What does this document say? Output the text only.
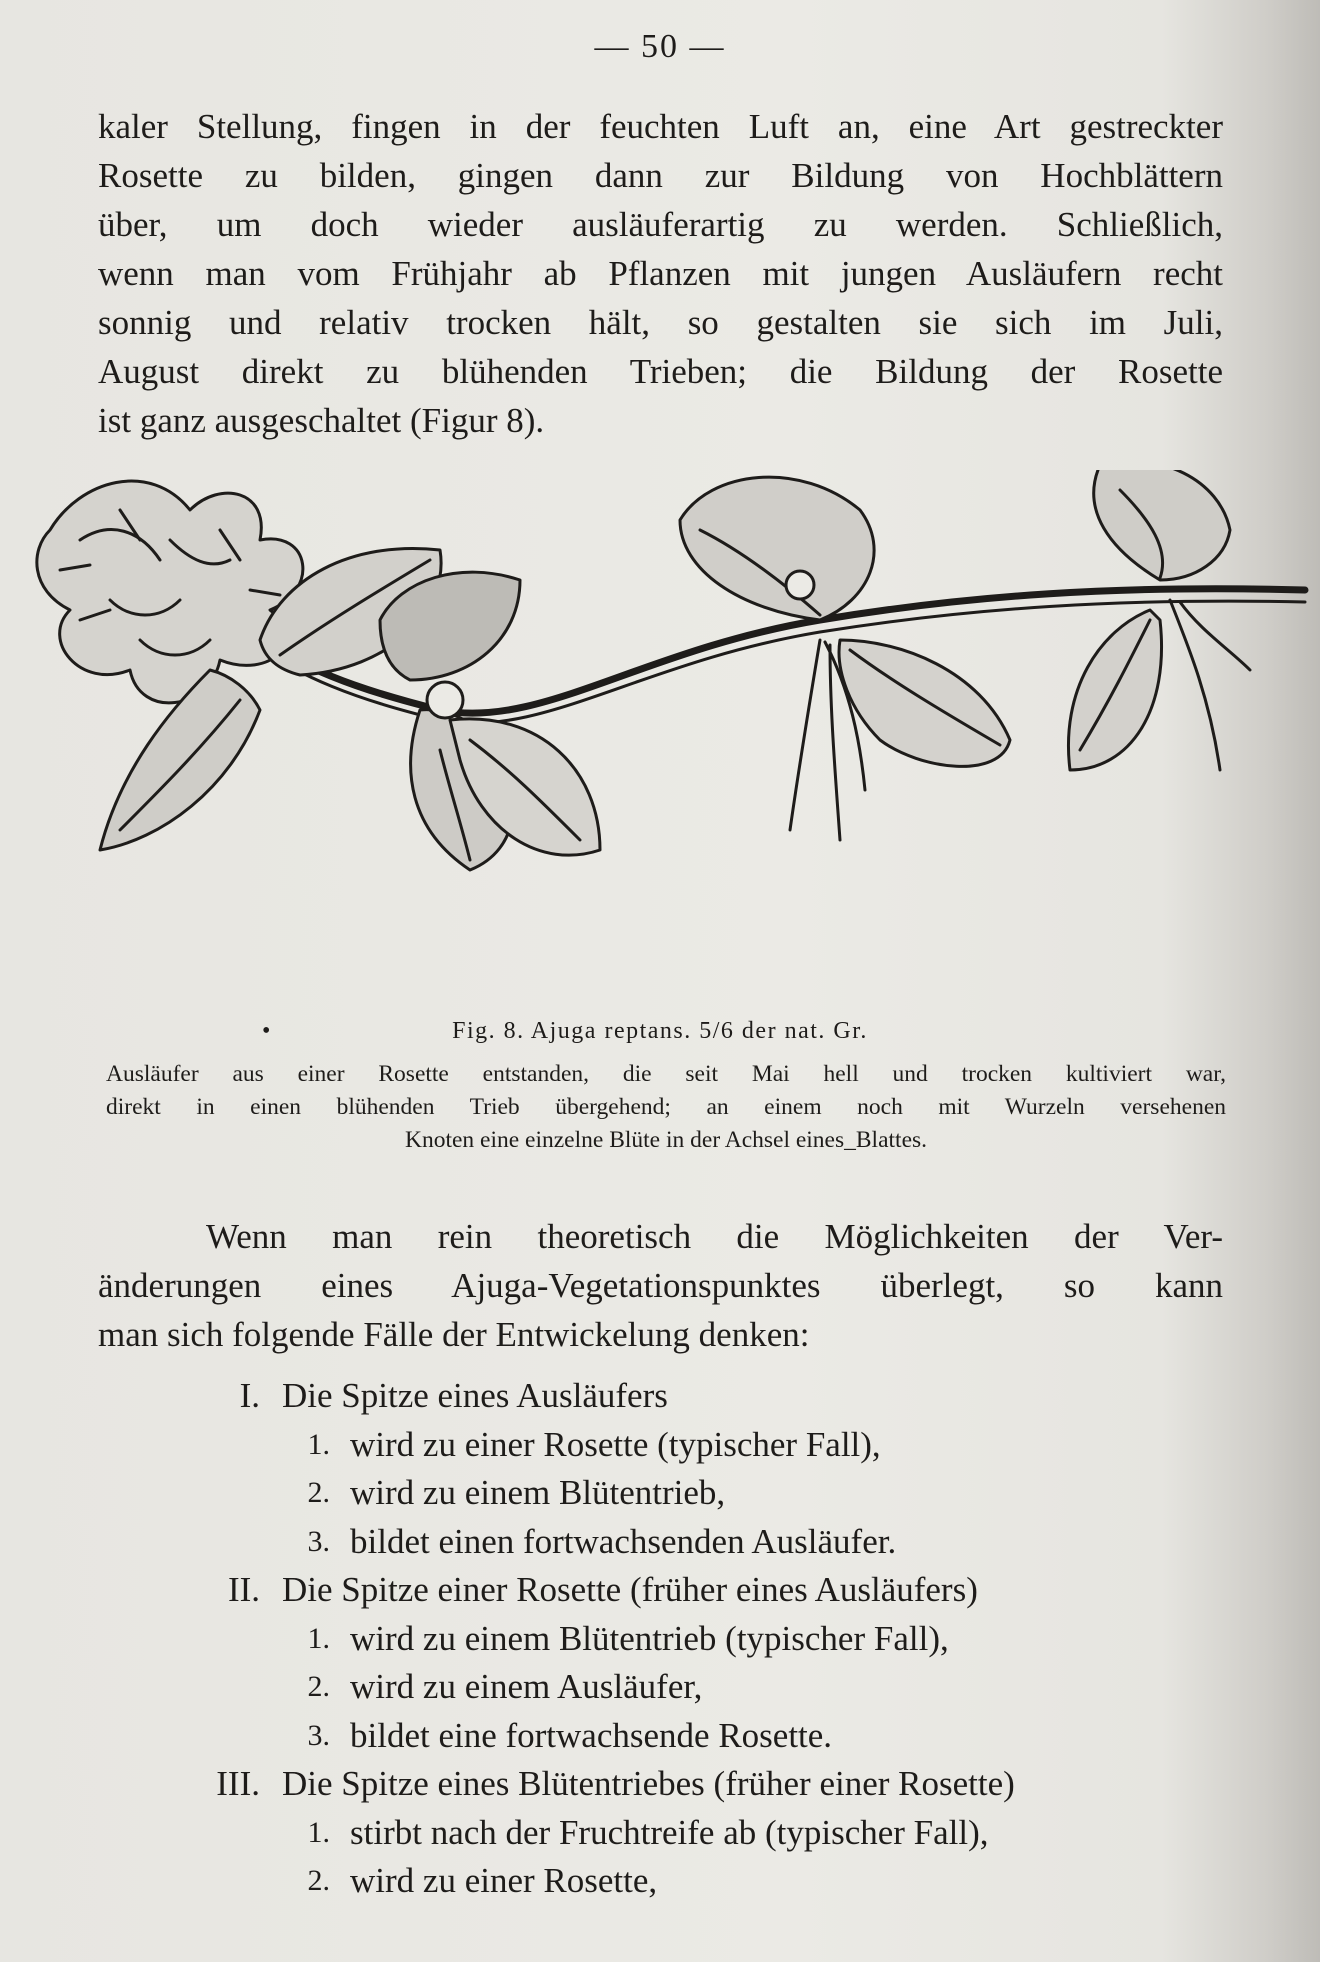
— 50 —

kaler Stellung, fingen in der feuchten Luft an, eine Art gestreckter
Rosette zu bilden, gingen dann zur Bildung von Hochblättern
über, um doch wieder ausläuferartig zu werden. Schließlich,
wenn man vom Frühjahr ab Pflanzen mit jungen Ausläufern recht
sonnig und relativ trocken hält, so gestalten sie sich im Juli,
August direkt zu blühenden Trieben; die Bildung der Rosette
ist ganz ausgeschaltet (Figur 8).

•	Fig. 8. Ajuga reptans. 5/6 der nat. Gr.
Ausläufer aus einer Rosette entstanden, die seit Mai hell und trocken kultiviert war,
direkt in einen blühenden Trieb übergehend; an einem noch mit Wurzeln versehenen
Knoten eine einzelne Blüte in der Achsel eines_Blattes.

Wenn man rein theoretisch die Möglichkeiten der Ver-
änderungen eines Ajuga-Vegetationspunktes überlegt, so kann
man sich folgende Fälle der Entwickelung denken:

I. Die Spitze eines Ausläufers
1. wird zu einer Rosette (typischer Fall),
2. wird zu einem Blütentrieb,
3. bildet einen fortwachsenden Ausläufer.
II. Die Spitze einer Rosette (früher eines Ausläufers)
1. wird zu einem Blütentrieb (typischer Fall),
2. wird zu einem Ausläufer,
3. bildet eine fortwachsende Rosette.
III. Die Spitze eines Blütentriebes (früher einer Rosette)
1. stirbt nach der Fruchtreife ab (typischer Fall),
2. wird zu einer Rosette,
